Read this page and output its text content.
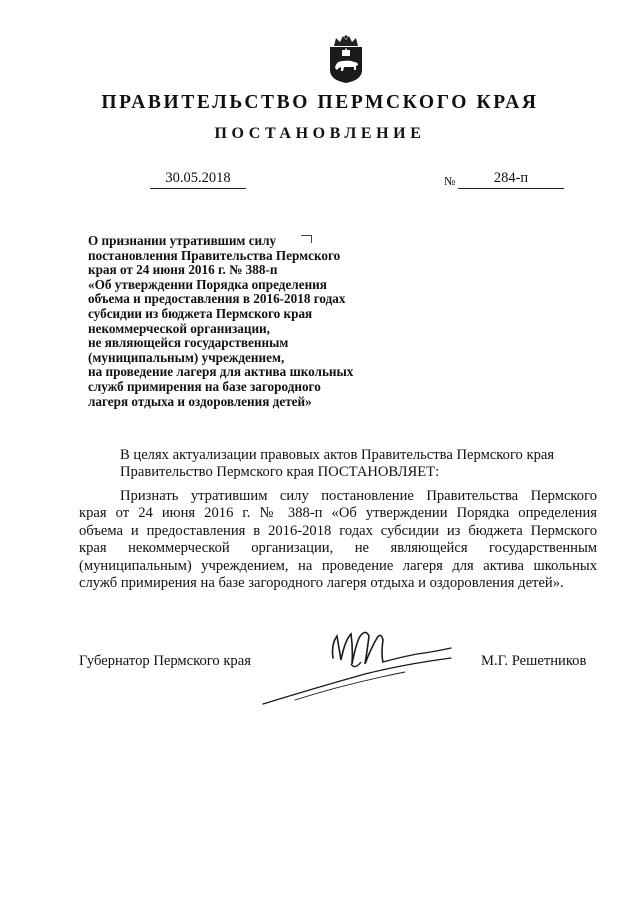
ПРАВИТЕЛЬСТВО ПЕРМСКОГО КРАЯ
ПОСТАНОВЛЕНИЕ
30.05.2018	№	284-п

О признании утратившим силу
постановления Правительства Пермского
края от 24 июня 2016 г. № 388-п
«Об утверждении Порядка определения
объема и предоставления в 2016-2018 годах
субсидии из бюджета Пермского края
некоммерческой организации,
не являющейся государственным
(муниципальным) учреждением,
на проведение лагеря для актива школьных
служб примирения на базе загородного
лагеря отдыха и оздоровления детей»

В целях актуализации правовых актов Правительства Пермского края
Правительство Пермского края ПОСТАНОВЛЯЕТ:

Признать утратившим силу постановление Правительства Пермского
края от 24 июня 2016 г. № 388-п «Об утверждении Порядка определения
объема и предоставления в 2016-2018 годах субсидии из бюджета Пермского
края некоммерческой организации, не являющейся государственным
(муниципальным) учреждением, на проведение лагеря для актива школьных
служб примирения на базе загородного лагеря отдыха и оздоровления детей».

Губернатор Пермского края	М.Г. Решетников
